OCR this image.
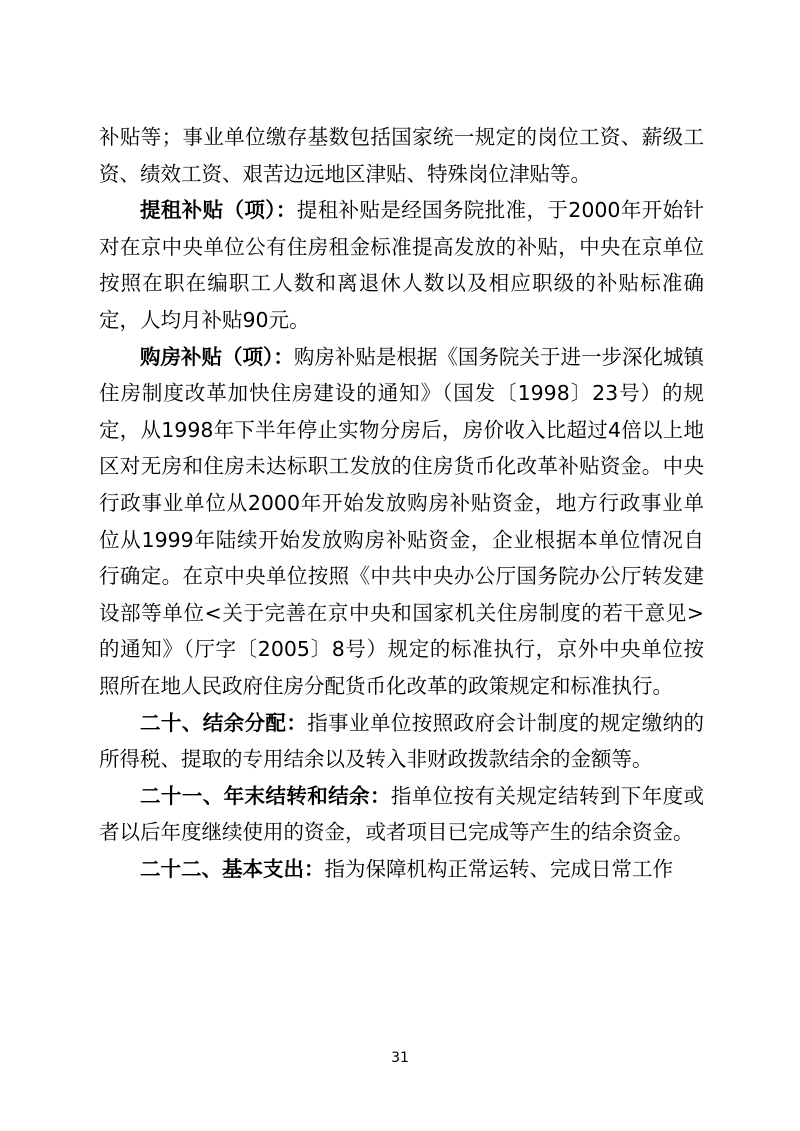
补贴等；事业单位缴存基数包括国家统一规定的岗位工资、薪级工资、绩效工资、艰苦边远地区津贴、特殊岗位津贴等。

提租补贴（项）：提租补贴是经国务院批准，于2000年开始针对在京中央单位公有住房租金标准提高发放的补贴，中央在京单位按照在职在编职工人数和离退休人数以及相应职级的补贴标准确定，人均月补贴90元。

购房补贴（项）：购房补贴是根据《国务院关于进一步深化城镇住房制度改革加快住房建设的通知》（国发〔1998〕23号）的规定，从1998年下半年停止实物分房后，房价收入比超过4倍以上地区对无房和住房未达标职工发放的住房货币化改革补贴资金。中央行政事业单位从2000年开始发放购房补贴资金，地方行政事业单位从1999年陆续开始发放购房补贴资金，企业根据本单位情况自行确定。在京中央单位按照《中共中央办公厅国务院办公厅转发建设部等单位<关于完善在京中央和国家机关住房制度的若干意见>的通知》（厅字〔2005〕8号）规定的标准执行，京外中央单位按照所在地人民政府住房分配货币化改革的政策规定和标准执行。

二十、结余分配：指事业单位按照政府会计制度的规定缴纳的所得税、提取的专用结余以及转入非财政拨款结余的金额等。

二十一、年末结转和结余：指单位按有关规定结转到下年度或者以后年度继续使用的资金，或者项目已完成等产生的结余资金。

二十二、基本支出：指为保障机构正常运转、完成日常工作

31
